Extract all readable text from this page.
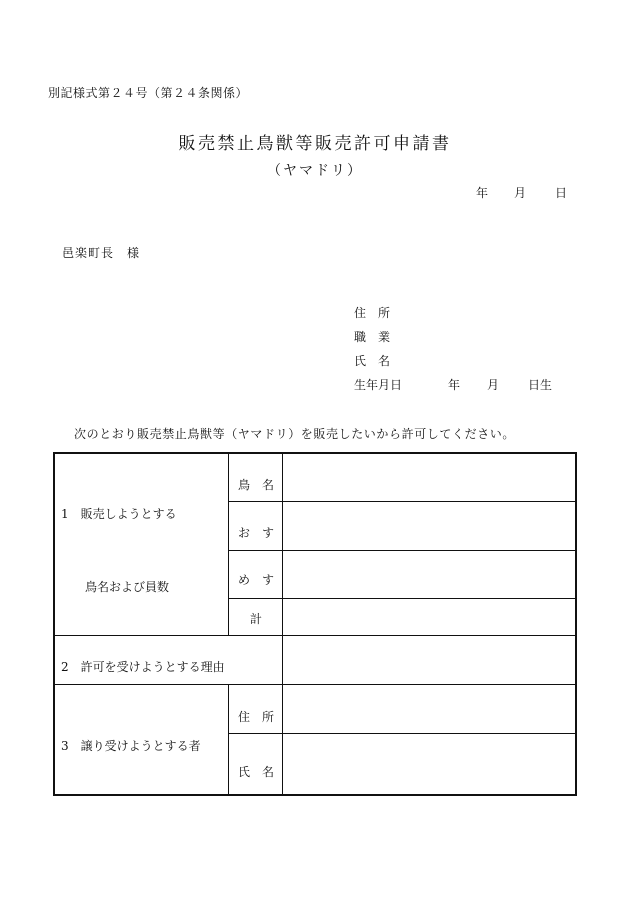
別記様式第２４号（第２４条関係）
販売禁止鳥獣等販売許可申請書
（ヤマドリ）
年 月 日
邑楽町長　様
住　所
職　業
氏　名
生年月日	年 月 日生
次のとおり販売禁止鳥獣等（ヤマドリ）を販売したいから許可してください。
1　販売しようとする
鳥名および員数
鳥　名
お　す
め　す
計
2　許可を受けようとする理由
3　譲り受けようとする者
住　所
氏　名
